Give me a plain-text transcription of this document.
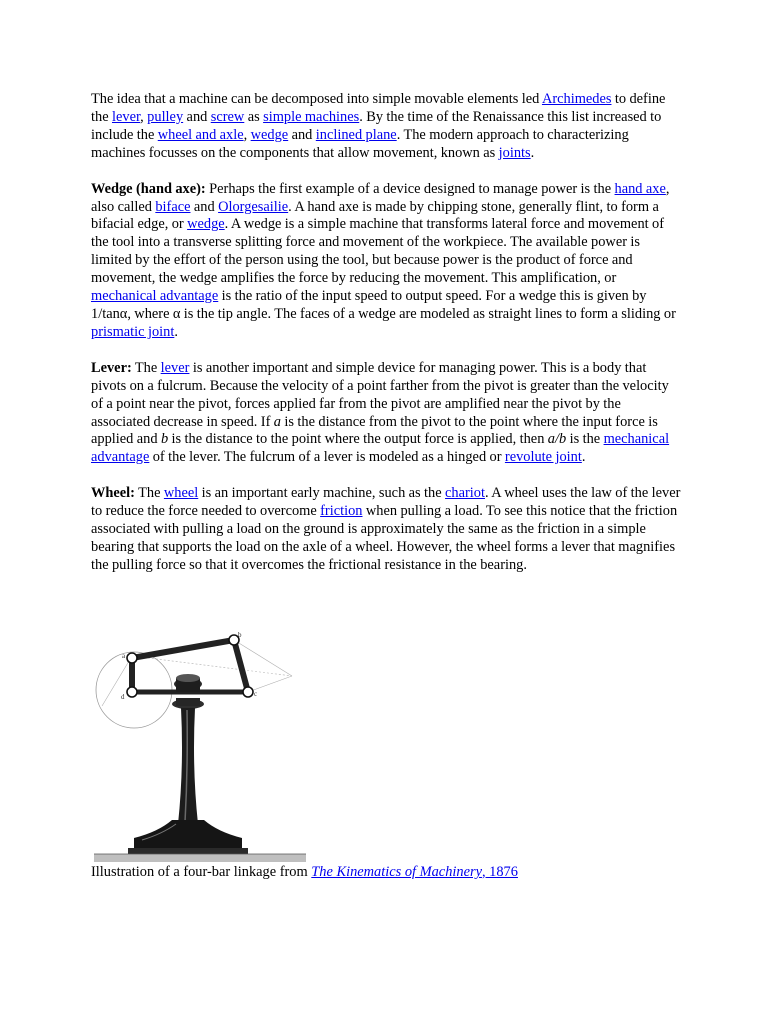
The idea that a machine can be decomposed into simple movable elements led Archimedes to define the lever, pulley and screw as simple machines. By the time of the Renaissance this list increased to include the wheel and axle, wedge and inclined plane. The modern approach to characterizing machines focusses on the components that allow movement, known as joints.

Wedge (hand axe): Perhaps the first example of a device designed to manage power is the hand axe, also called biface and Olorgesailie. A hand axe is made by chipping stone, generally flint, to form a bifacial edge, or wedge. A wedge is a simple machine that transforms lateral force and movement of the tool into a transverse splitting force and movement of the workpiece. The available power is limited by the effort of the person using the tool, but because power is the product of force and movement, the wedge amplifies the force by reducing the movement. This amplification, or mechanical advantage is the ratio of the input speed to output speed. For a wedge this is given by 1/tanα, where α is the tip angle. The faces of a wedge are modeled as straight lines to form a sliding or prismatic joint.

Lever: The lever is another important and simple device for managing power. This is a body that pivots on a fulcrum. Because the velocity of a point farther from the pivot is greater than the velocity of a point near the pivot, forces applied far from the pivot are amplified near the pivot by the associated decrease in speed. If a is the distance from the pivot to the point where the input force is applied and b is the distance to the point where the output force is applied, then a/b is the mechanical advantage of the lever. The fulcrum of a lever is modeled as a hinged or revolute joint.

Wheel: The wheel is an important early machine, such as the chariot. A wheel uses the law of the lever to reduce the force needed to overcome friction when pulling a load. To see this notice that the friction associated with pulling a load on the ground is approximately the same as the friction in a simple bearing that supports the load on the axle of a wheel. However, the wheel forms a lever that magnifies the pulling force so that it overcomes the frictional resistance in the bearing.

a
b
c
d
Illustration of a four-bar linkage from The Kinematics of Machinery, 1876
